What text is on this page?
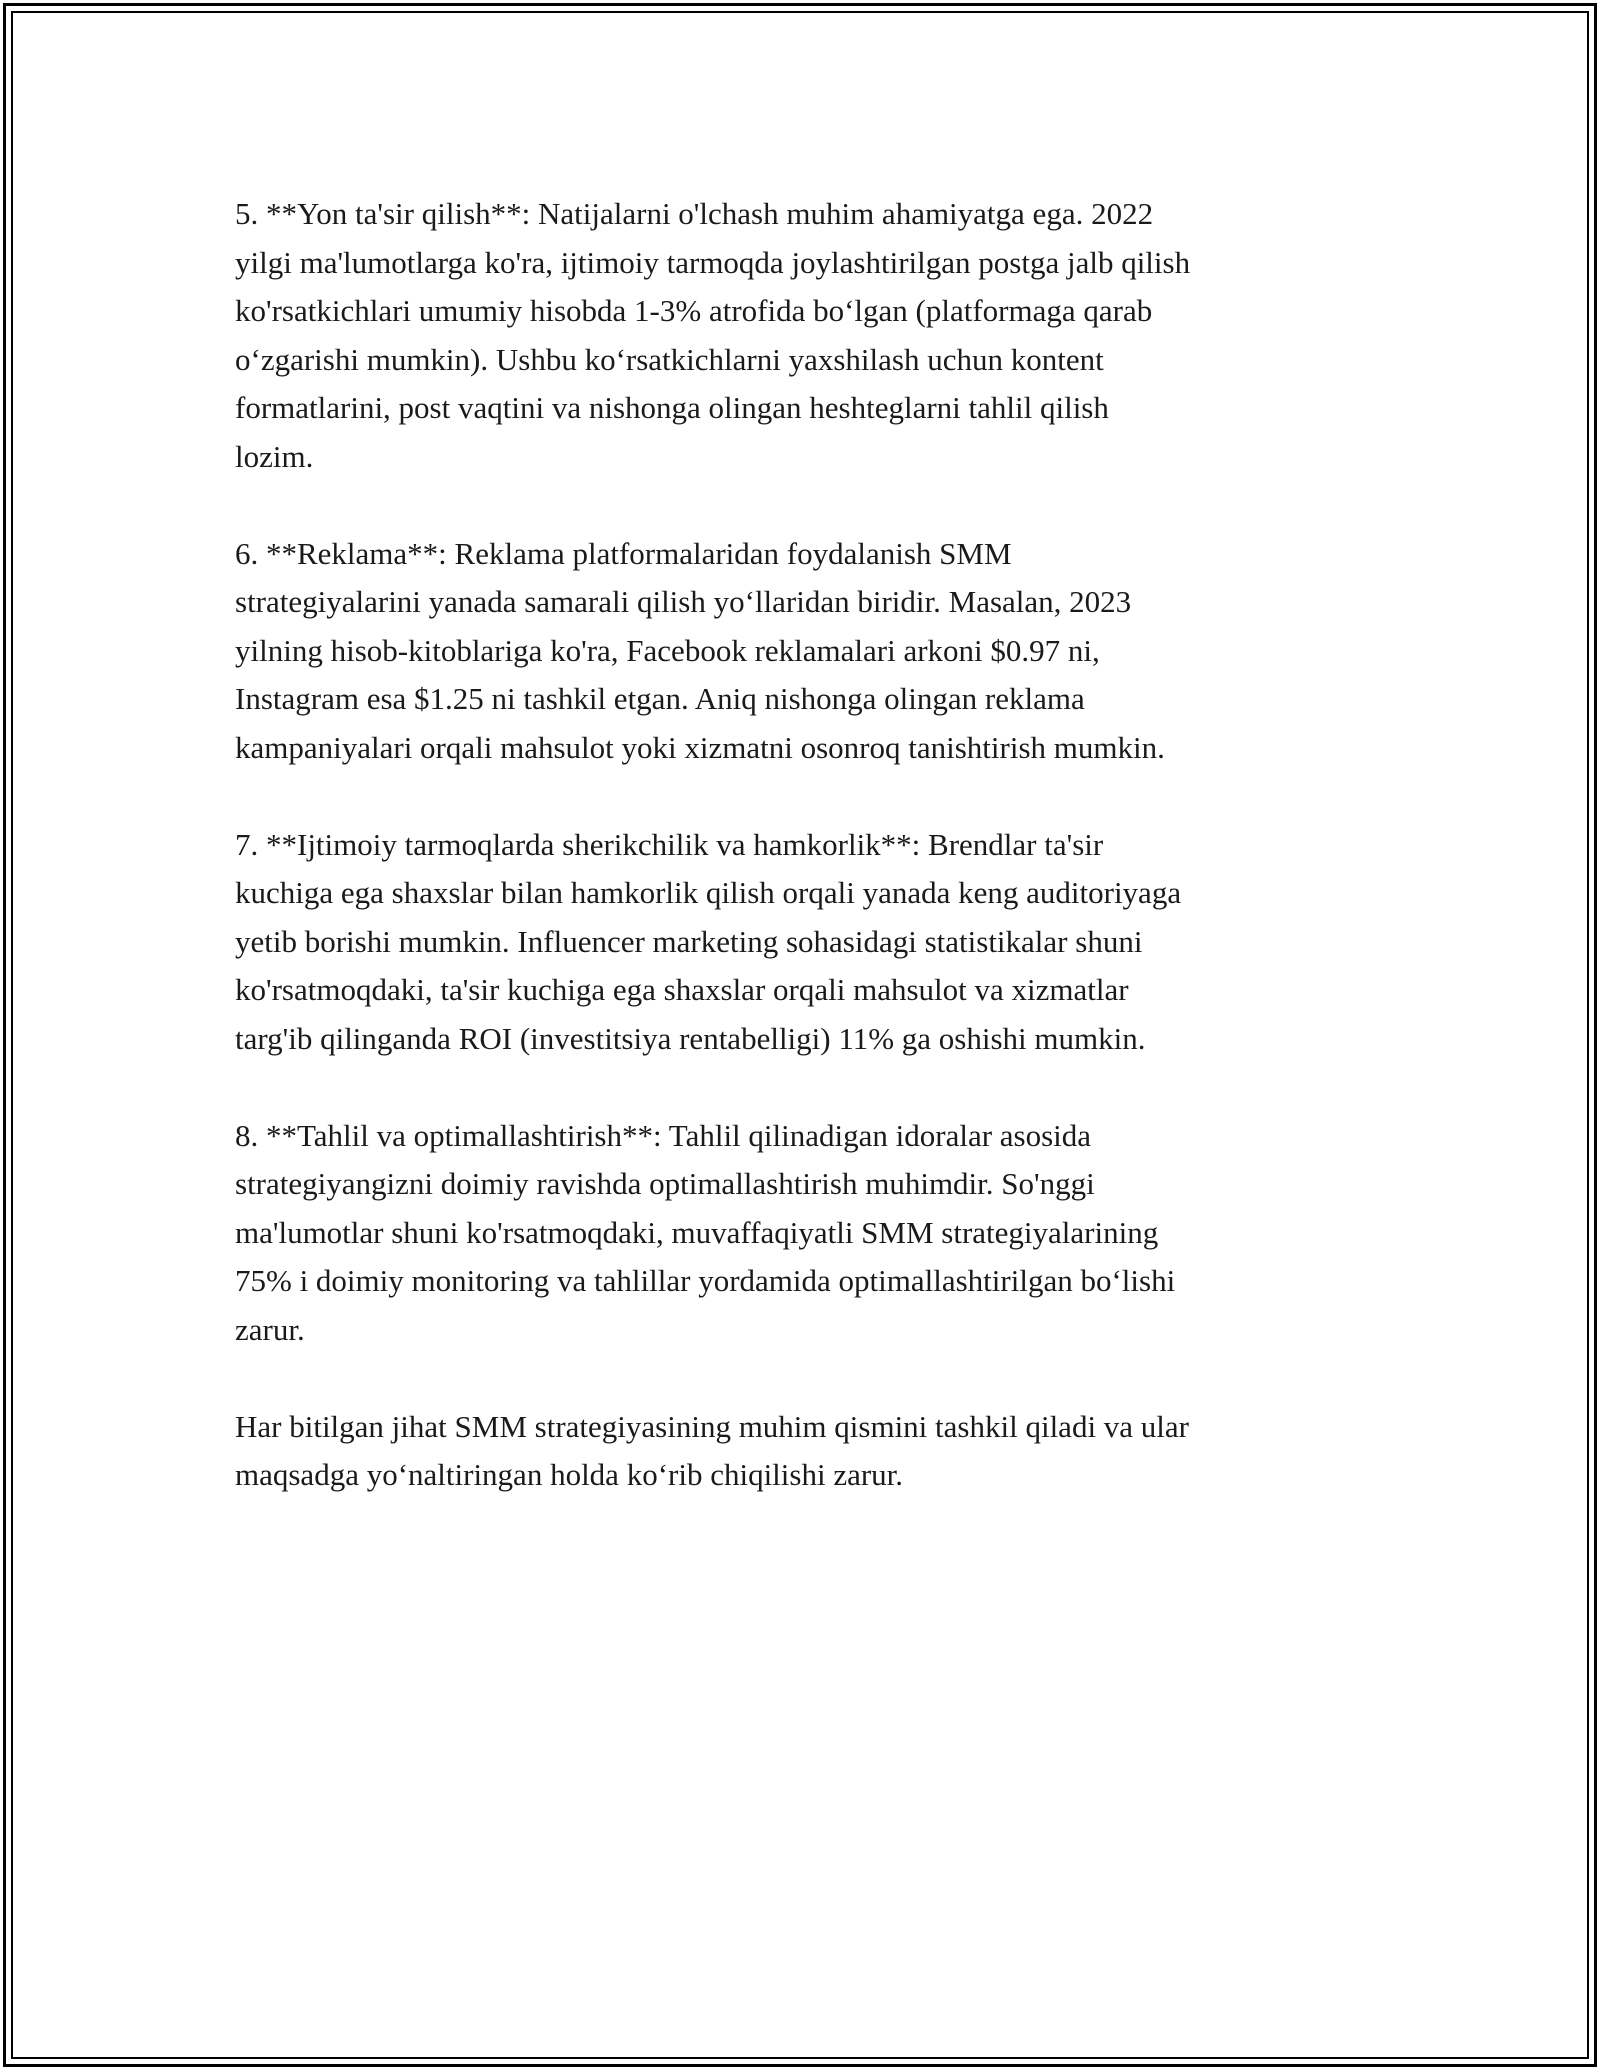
5. **Yon ta'sir qilish**: Natijalarni o'lchash muhim ahamiyatga ega. 2022
yilgi ma'lumotlarga ko'ra, ijtimoiy tarmoqda joylashtirilgan postga jalb qilish
ko'rsatkichlari umumiy hisobda 1-3% atrofida bo‘lgan (platformaga qarab
o‘zgarishi mumkin). Ushbu ko‘rsatkichlarni yaxshilash uchun kontent
formatlarini, post vaqtini va nishonga olingan heshteglarni tahlil qilish
lozim.

6. **Reklama**: Reklama platformalaridan foydalanish SMM
strategiyalarini yanada samarali qilish yo‘llaridan biridir. Masalan, 2023
yilning hisob-kitoblariga ko'ra, Facebook reklamalari arkoni $0.97 ni,
Instagram esa $1.25 ni tashkil etgan. Aniq nishonga olingan reklama
kampaniyalari orqali mahsulot yoki xizmatni osonroq tanishtirish mumkin.

7. **Ijtimoiy tarmoqlarda sherikchilik va hamkorlik**: Brendlar ta'sir
kuchiga ega shaxslar bilan hamkorlik qilish orqali yanada keng auditoriyaga
yetib borishi mumkin. Influencer marketing sohasidagi statistikalar shuni
ko'rsatmoqdaki, ta'sir kuchiga ega shaxslar orqali mahsulot va xizmatlar
targ'ib qilinganda ROI (investitsiya rentabelligi) 11% ga oshishi mumkin.

8. **Tahlil va optimallashtirish**: Tahlil qilinadigan idoralar asosida
strategiyangizni doimiy ravishda optimallashtirish muhimdir. So'nggi
ma'lumotlar shuni ko'rsatmoqdaki, muvaffaqiyatli SMM strategiyalarining
75% i doimiy monitoring va tahlillar yordamida optimallashtirilgan bo‘lishi
zarur.

Har bitilgan jihat SMM strategiyasining muhim qismini tashkil qiladi va ular
maqsadga yo‘naltiringan holda ko‘rib chiqilishi zarur.
